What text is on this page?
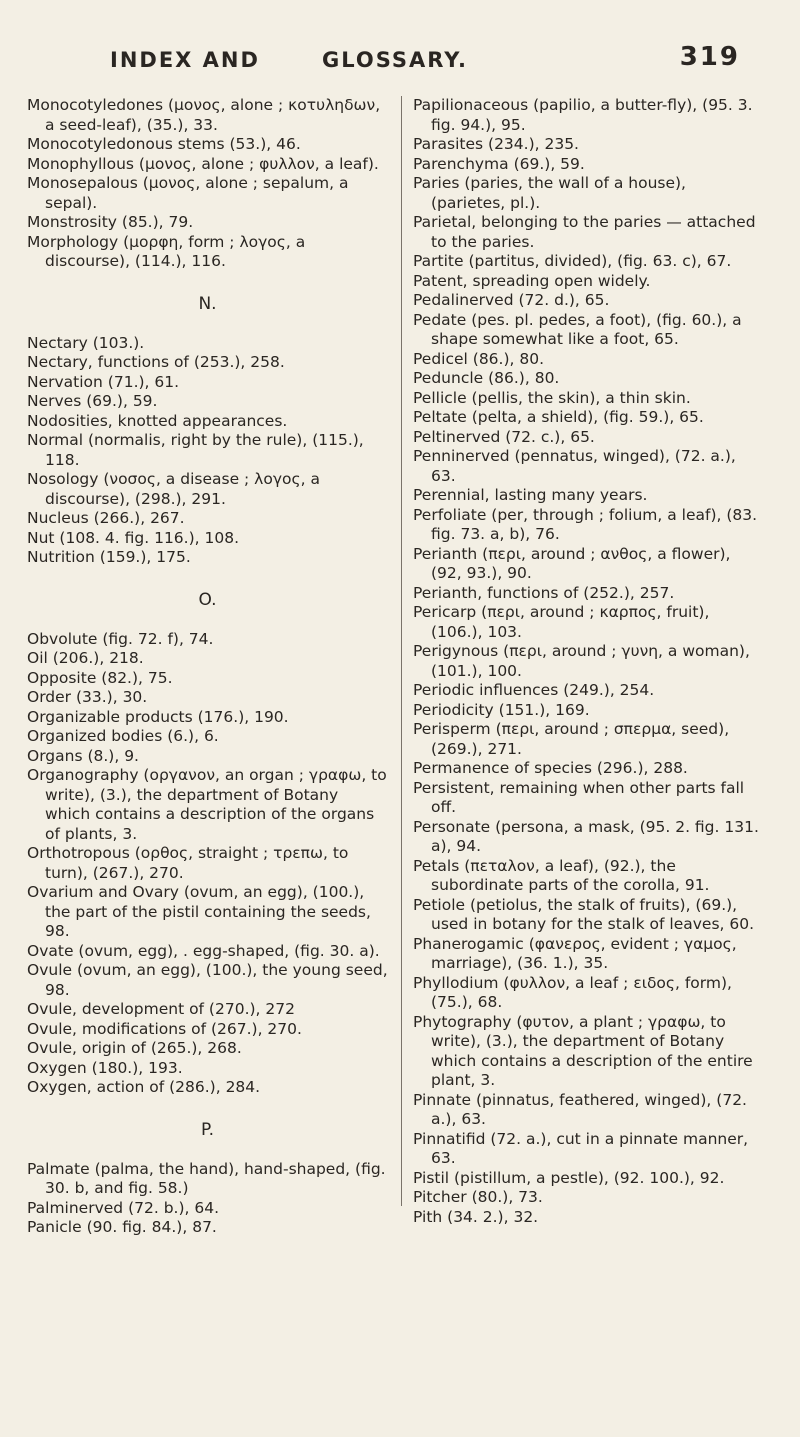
INDEX AND	GLOSSARY.	319

Monocotyledones (μονος, alone ; κοτυληδων, a seed-leaf), (35.), 33.

Monocotyledonous stems (53.), 46.

Monophyllous (μονος, alone ; φυλλον, a leaf).

Monosepalous (μονος, alone ; sepalum, a sepal).

Monstrosity (85.), 79.

Morphology (μορφη, form ; λογος, a discourse), (114.), 116.

N.

Nectary (103.).

Nectary, functions of (253.), 258.

Nervation (71.), 61.

Nerves (69.), 59.

Nodosities, knotted appearances.

Normal (normalis, right by the rule), (115.), 118.

Nosology (νοσος, a disease ; λογος, a discourse), (298.), 291.

Nucleus (266.), 267.

Nut (108. 4. fig. 116.), 108.

Nutrition (159.), 175.

O.

Obvolute (fig. 72. f), 74.

Oil (206.), 218.

Opposite (82.), 75.

Order (33.), 30.

Organizable products (176.), 190.

Organized bodies (6.), 6.

Organs (8.), 9.

Organography (οργανον, an organ ; γραφω, to write), (3.), the department of Botany which contains a description of the organs of plants, 3.

Orthotropous (ορθος, straight ; τρεπω, to turn), (267.), 270.

Ovarium and Ovary (ovum, an egg), (100.), the part of the pistil containing the seeds, 98.

Ovate (ovum, egg), . egg-shaped, (fig. 30. a).

Ovule (ovum, an egg), (100.), the young seed, 98.

Ovule, development of (270.), 272

Ovule, modifications of (267.), 270.

Ovule, origin of (265.), 268.

Oxygen (180.), 193.

Oxygen, action of (286.), 284.

P.

Palmate (palma, the hand), hand-shaped, (fig. 30. b, and fig. 58.)

Palminerved (72. b.), 64.

Panicle (90. fig. 84.), 87.

Papilionaceous (papilio, a butter-fly), (95. 3. fig. 94.), 95.

Parasites (234.), 235.

Parenchyma (69.), 59.

Paries (paries, the wall of a house), (parietes, pl.).

Parietal, belonging to the paries — attached to the paries.

Partite (partitus, divided), (fig. 63. c), 67.

Patent, spreading open widely.

Pedalinerved (72. d.), 65.

Pedate (pes. pl. pedes, a foot), (fig. 60.), a shape somewhat like a foot, 65.

Pedicel (86.), 80.

Peduncle (86.), 80.

Pellicle (pellis, the skin), a thin skin.

Peltate (pelta, a shield), (fig. 59.), 65.

Peltinerved (72. c.), 65.

Penninerved (pennatus, winged), (72. a.), 63.

Perennial, lasting many years.

Perfoliate (per, through ; folium, a leaf), (83. fig. 73. a, b), 76.

Perianth (περι, around ; ανθος, a flower), (92, 93.), 90.

Perianth, functions of (252.), 257.

Pericarp (περι, around ; καρπος, fruit), (106.), 103.

Perigynous (περι, around ; γυνη, a woman), (101.), 100.

Periodic influences (249.), 254.

Periodicity (151.), 169.

Perisperm (περι, around ; σπερμα, seed), (269.), 271.

Permanence of species (296.), 288.

Persistent, remaining when other parts fall off.

Personate (persona, a mask, (95. 2. fig. 131. a), 94.

Petals (πεταλον, a leaf), (92.), the subordinate parts of the corolla, 91.

Petiole (petiolus, the stalk of fruits), (69.), used in botany for the stalk of leaves, 60.

Phanerogamic (φανερος, evident ; γαμος, marriage), (36. 1.), 35.

Phyllodium (φυλλον, a leaf ; ειδος, form), (75.), 68.

Phytography (φυτον, a plant ; γραφω, to write), (3.), the department of Botany which contains a description of the entire plant, 3.

Pinnate (pinnatus, feathered, winged), (72. a.), 63.

Pinnatifid (72. a.), cut in a pinnate manner, 63.

Pistil (pistillum, a pestle), (92. 100.), 92.

Pitcher (80.), 73.

Pith (34. 2.), 32.
